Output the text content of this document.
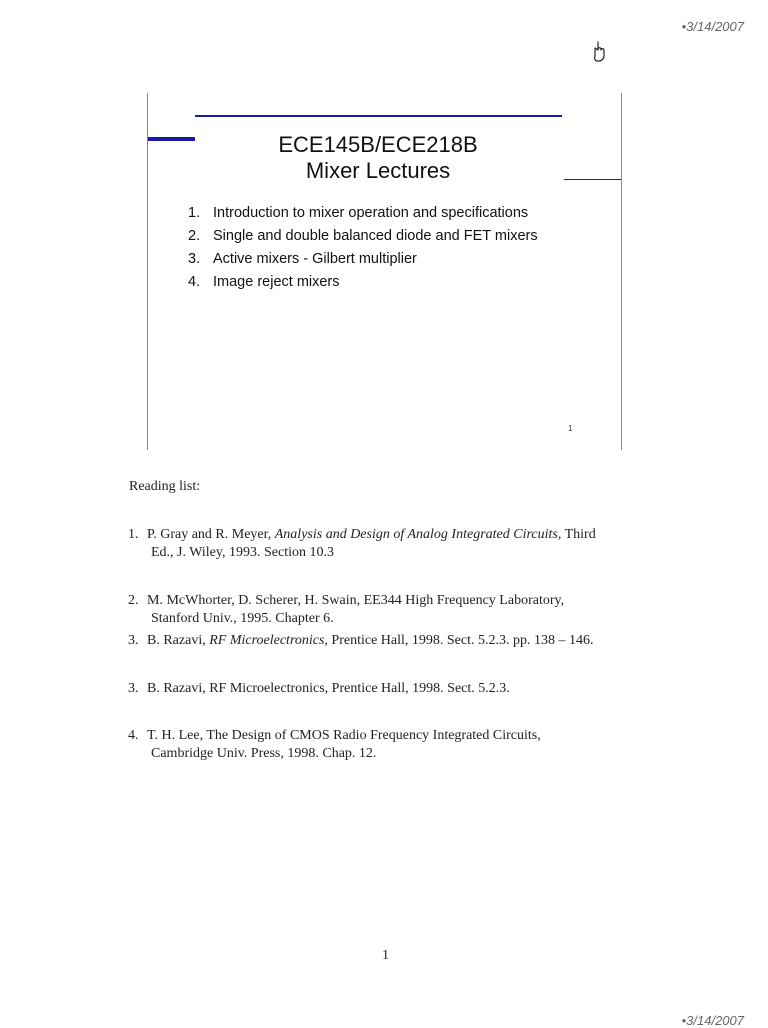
•3/14/2007
ECE145B/ECE218B
Mixer Lectures
1. Introduction to mixer operation and specifications
2. Single and double balanced diode and FET mixers
3. Active mixers - Gilbert multiplier
4. Image reject mixers
1
Reading list:
1. P. Gray and R. Meyer, Analysis and Design of Analog Integrated Circuits, Third
Ed., J. Wiley, 1993. Section 10.3
2. M. McWhorter, D. Scherer, H. Swain, EE344 High Frequency Laboratory,
Stanford Univ., 1995. Chapter 6.
3. B. Razavi, RF Microelectronics, Prentice Hall, 1998. Sect. 5.2.3. pp. 138 – 146.
3. B. Razavi, RF Microelectronics, Prentice Hall, 1998. Sect. 5.2.3.
4. T. H. Lee, The Design of CMOS Radio Frequency Integrated Circuits,
Cambridge Univ. Press, 1998. Chap. 12.
1
•3/14/2007
